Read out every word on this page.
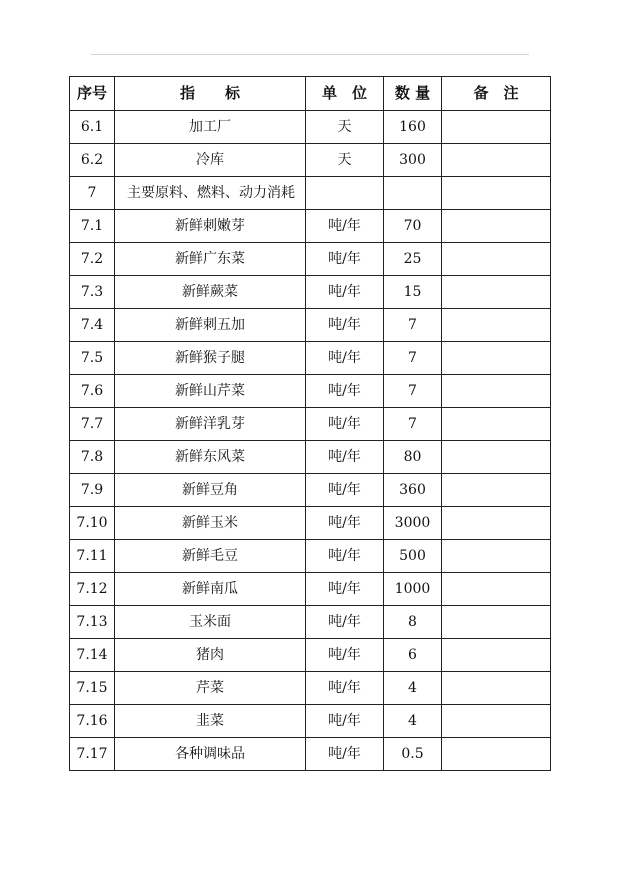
序号	指　　标	单　位	数 量	备　注
6.1	加工厂	天	160	
6.2	冷库	天	300	
7	主要原料、燃料、动力消耗			
7.1	新鲜刺嫩芽	吨/年	70	
7.2	新鲜广东菜	吨/年	25	
7.3	新鲜蕨菜	吨/年	15	
7.4	新鲜刺五加	吨/年	7	
7.5	新鲜猴子腿	吨/年	7	
7.6	新鲜山芹菜	吨/年	7	
7.7	新鲜洋乳芽	吨/年	7	
7.8	新鲜东风菜	吨/年	80	
7.9	新鲜豆角	吨/年	360	
7.10	新鲜玉米	吨/年	3000	
7.11	新鲜毛豆	吨/年	500	
7.12	新鲜南瓜	吨/年	1000	
7.13	玉米面	吨/年	8	
7.14	猪肉	吨/年	6	
7.15	芹菜	吨/年	4	
7.16	韭菜	吨/年	4	
7.17	各种调味品	吨/年	0.5	
